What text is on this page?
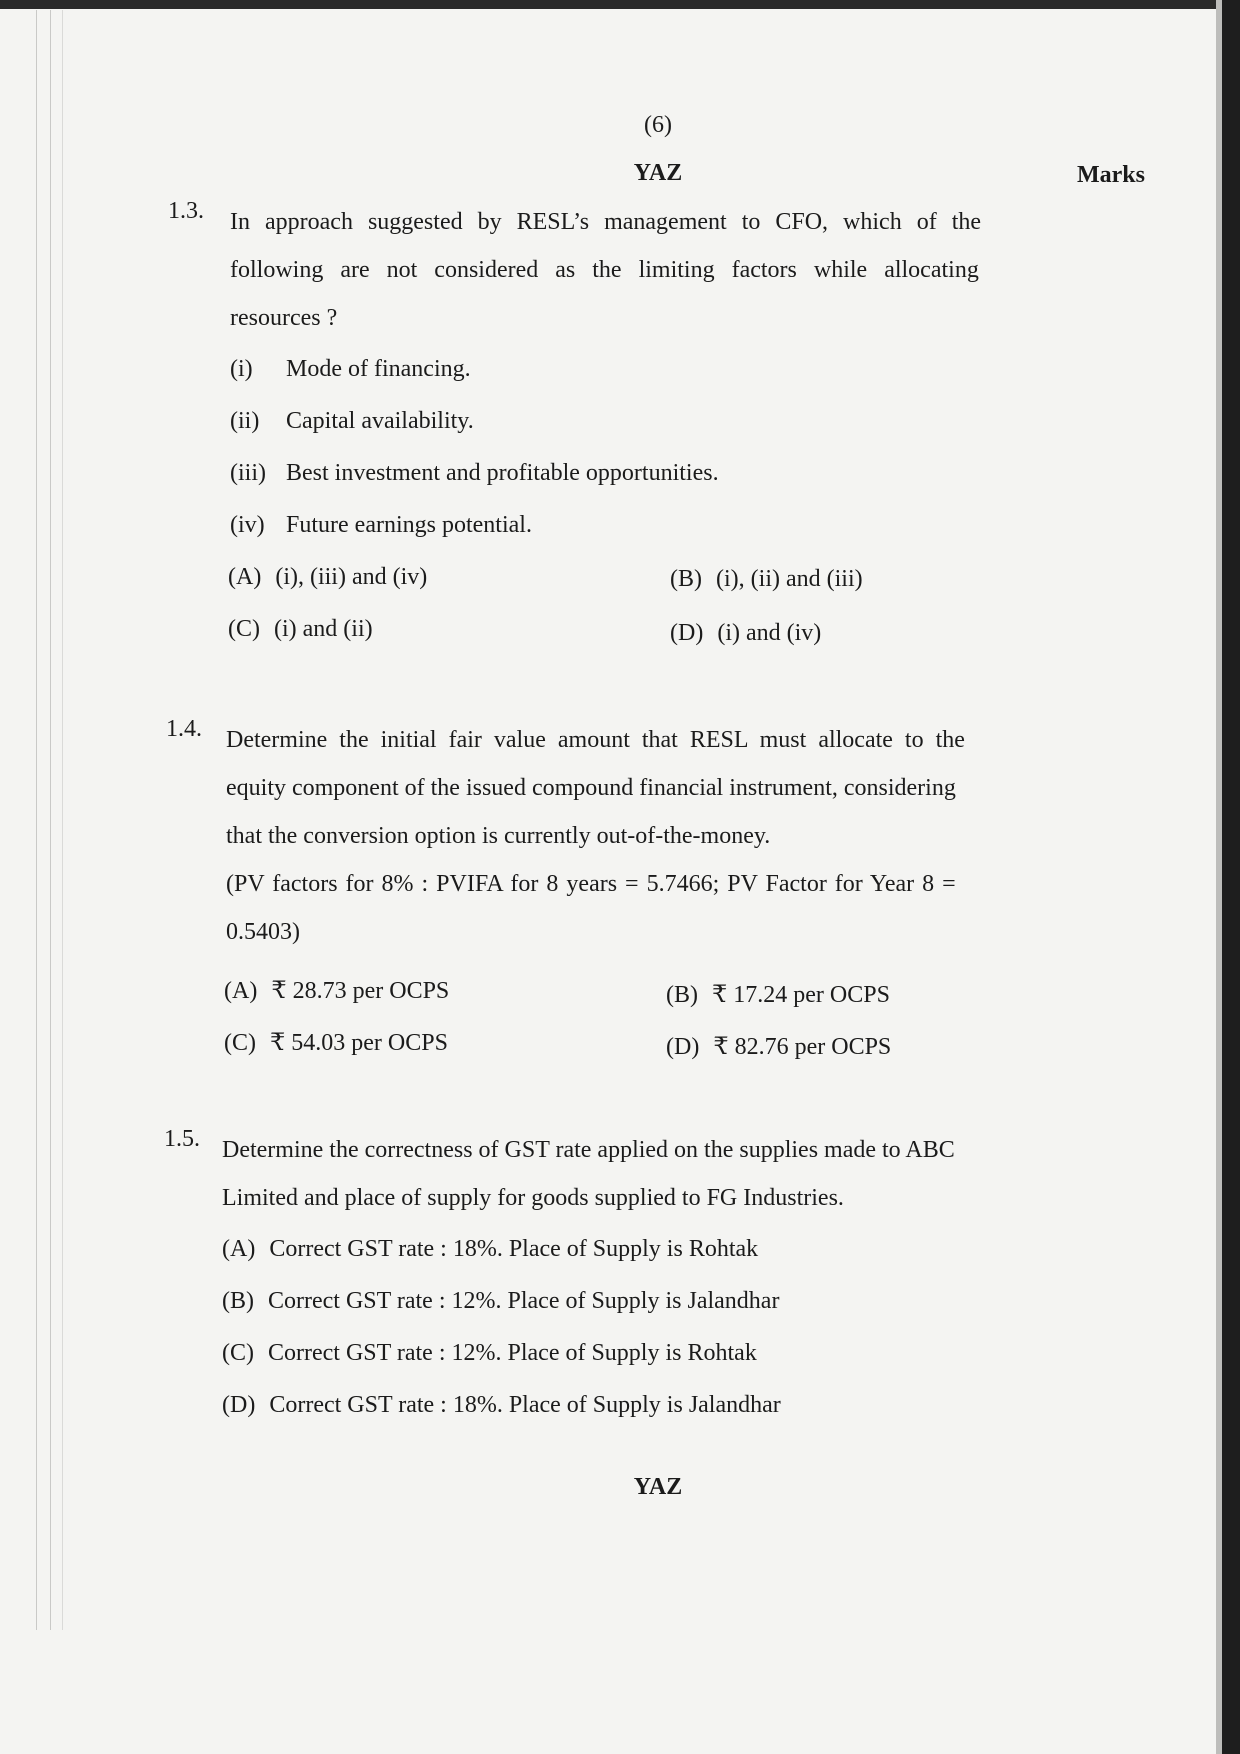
(6)
YAZ	Marks
1.3. In approach suggested by RESL’s management to CFO, which of the
following are not considered as the limiting factors while allocating
resources ?
(i) Mode of financing.
(ii) Capital availability.
(iii) Best investment and profitable opportunities.
(iv) Future earnings potential.
(A) (i), (iii) and (iv)	(B) (i), (ii) and (iii)
(C) (i) and (ii)	(D) (i) and (iv)
1.4. Determine the initial fair value amount that RESL must allocate to the
equity component of the issued compound financial instrument, considering
that the conversion option is currently out-of-the-money.
(PV factors for 8% : PVIFA for 8 years = 5.7466; PV Factor for Year 8 =
0.5403)
(A) ₹ 28.73 per OCPS	(B) ₹ 17.24 per OCPS
(C) ₹ 54.03 per OCPS	(D) ₹ 82.76 per OCPS
1.5. Determine the correctness of GST rate applied on the supplies made to ABC
Limited and place of supply for goods supplied to FG Industries.
(A) Correct GST rate : 18%. Place of Supply is Rohtak
(B) Correct GST rate : 12%. Place of Supply is Jalandhar
(C) Correct GST rate : 12%. Place of Supply is Rohtak
(D) Correct GST rate : 18%. Place of Supply is Jalandhar
YAZ
